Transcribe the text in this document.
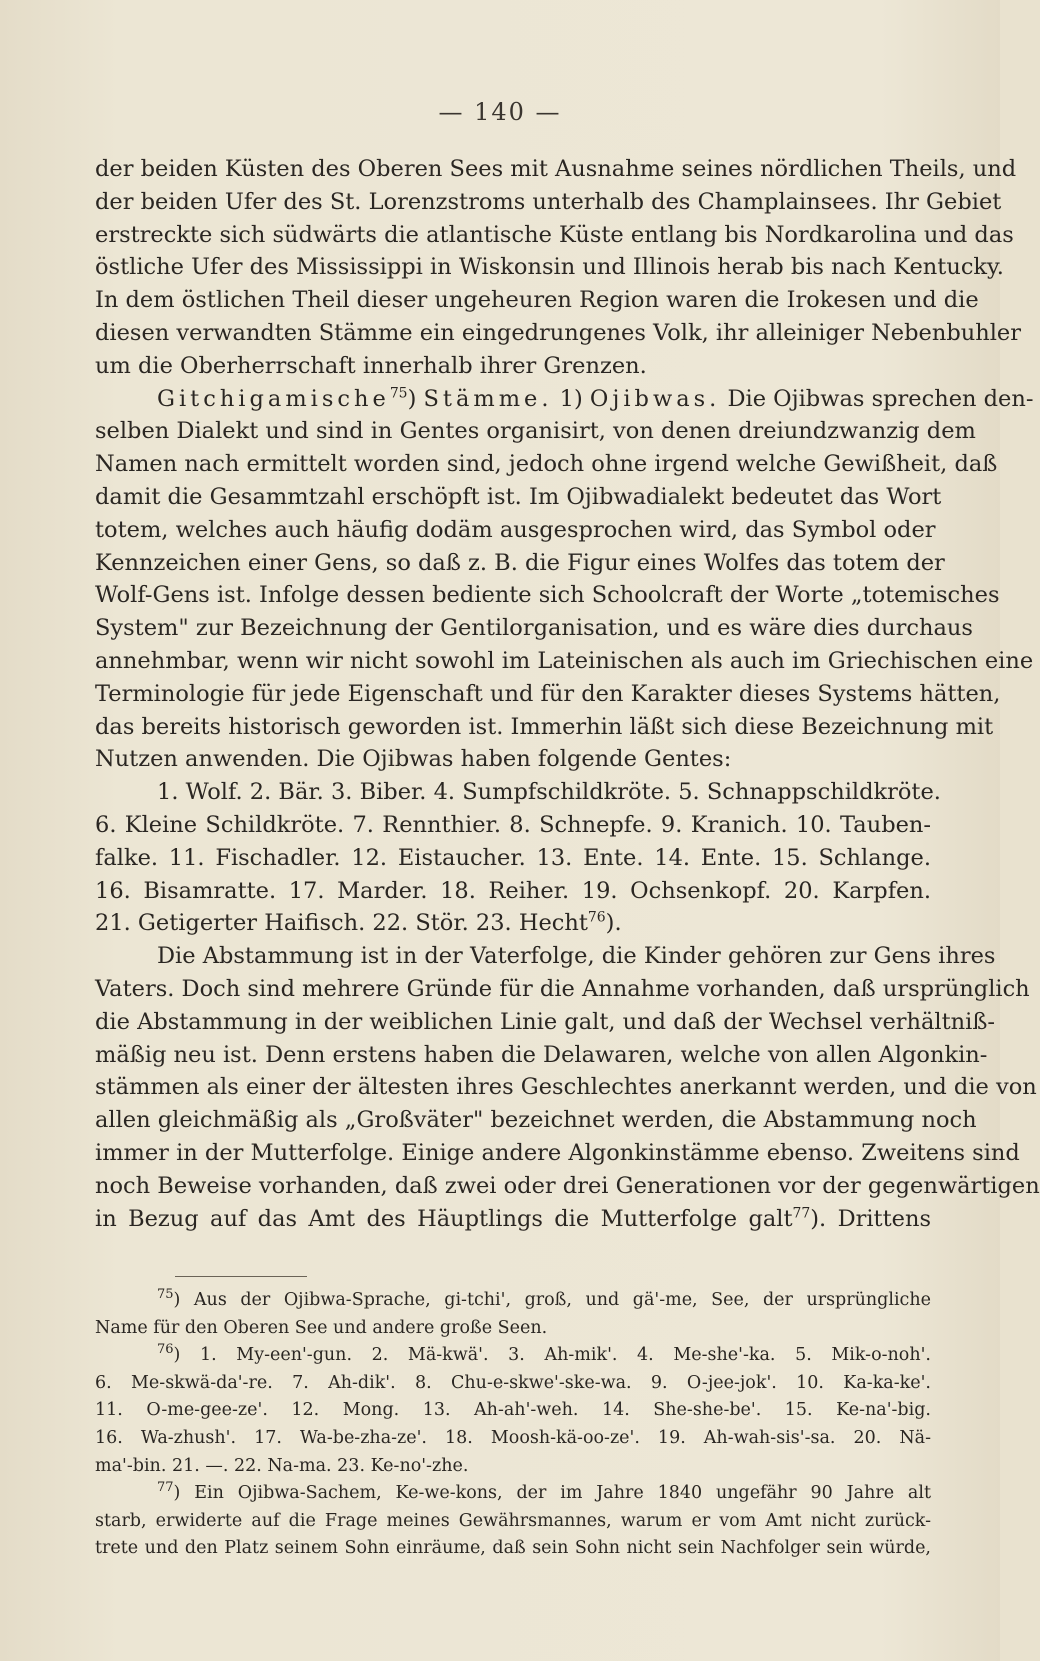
— 140 —

der beiden Küsten des Oberen Sees mit Ausnahme seines nördlichen Theils, und

der beiden Ufer des St. Lorenzstroms unterhalb des Champlainsees. Ihr Gebiet

erstreckte sich südwärts die atlantische Küste entlang bis Nordkarolina und das

östliche Ufer des Mississippi in Wiskonsin und Illinois herab bis nach Kentucky.

In dem östlichen Theil dieser ungeheuren Region waren die Irokesen und die

diesen verwandten Stämme ein eingedrungenes Volk, ihr alleiniger Nebenbuhler

um die Oberherrschaft innerhalb ihrer Grenzen.

Gitchigamische$^{75}$) Stämme. 1) Ojibwas. Die Ojibwas sprechen den-

selben Dialekt und sind in Gentes organisirt, von denen dreiundzwanzig dem

Namen nach ermittelt worden sind, jedoch ohne irgend welche Gewißheit, daß

damit die Gesammtzahl erschöpft ist. Im Ojibwadialekt bedeutet das Wort

totem, welches auch häufig dodäm ausgesprochen wird, das Symbol oder

Kennzeichen einer Gens, so daß z. B. die Figur eines Wolfes das totem der

Wolf-Gens ist. Infolge dessen bediente sich Schoolcraft der Worte „totemisches

System" zur Bezeichnung der Gentilorganisation, und es wäre dies durchaus

annehmbar, wenn wir nicht sowohl im Lateinischen als auch im Griechischen eine

Terminologie für jede Eigenschaft und für den Karakter dieses Systems hätten,

das bereits historisch geworden ist. Immerhin läßt sich diese Bezeichnung mit

Nutzen anwenden. Die Ojibwas haben folgende Gentes:

1. Wolf. 2. Bär. 3. Biber. 4. Sumpfschildkröte. 5. Schnappschildkröte.

6. Kleine Schildkröte. 7. Rennthier. 8. Schnepfe. 9. Kranich. 10. Tauben-

falke. 11. Fischadler. 12. Eistaucher. 13. Ente. 14. Ente. 15. Schlange.

16. Bisamratte. 17. Marder. 18. Reiher. 19. Ochsenkopf. 20. Karpfen.

21. Getigerter Haifisch. 22. Stör. 23. Hecht$^{76}$).

Die Abstammung ist in der Vaterfolge, die Kinder gehören zur Gens ihres

Vaters. Doch sind mehrere Gründe für die Annahme vorhanden, daß ursprünglich

die Abstammung in der weiblichen Linie galt, und daß der Wechsel verhältniß-

mäßig neu ist. Denn erstens haben die Delawaren, welche von allen Algonkin-

stämmen als einer der ältesten ihres Geschlechtes anerkannt werden, und die von

allen gleichmäßig als „Großväter" bezeichnet werden, die Abstammung noch

immer in der Mutterfolge. Einige andere Algonkinstämme ebenso. Zweitens sind

noch Beweise vorhanden, daß zwei oder drei Generationen vor der gegenwärtigen

in Bezug auf das Amt des Häuptlings die Mutterfolge galt$^{77}$). Drittens

$^{75}$) Aus der Ojibwa-Sprache, gi-tchi', groß, und gä'-me, See, der ursprüngliche

Name für den Oberen See und andere große Seen.

$^{76}$) 1. My-een'-gun. 2. Mä-kwä'. 3. Ah-mik'. 4. Me-she'-ka. 5. Mik-o-noh'.

6. Me-skwä-da'-re. 7. Ah-dik'. 8. Chu-e-skwe'-ske-wa. 9. O-jee-jok'. 10. Ka-ka-ke'.

11. O-me-gee-ze'. 12. Mong. 13. Ah-ah'-weh. 14. She-she-be'. 15. Ke-na'-big.

16. Wa-zhush'. 17. Wa-be-zha-ze'. 18. Moosh-kä-oo-ze'. 19. Ah-wah-sis'-sa. 20. Nä-

ma'-bin. 21. —. 22. Na-ma. 23. Ke-no'-zhe.

$^{77}$) Ein Ojibwa-Sachem, Ke-we-kons, der im Jahre 1840 ungefähr 90 Jahre alt

starb, erwiderte auf die Frage meines Gewährsmannes, warum er vom Amt nicht zurück-

trete und den Platz seinem Sohn einräume, daß sein Sohn nicht sein Nachfolger sein würde,
